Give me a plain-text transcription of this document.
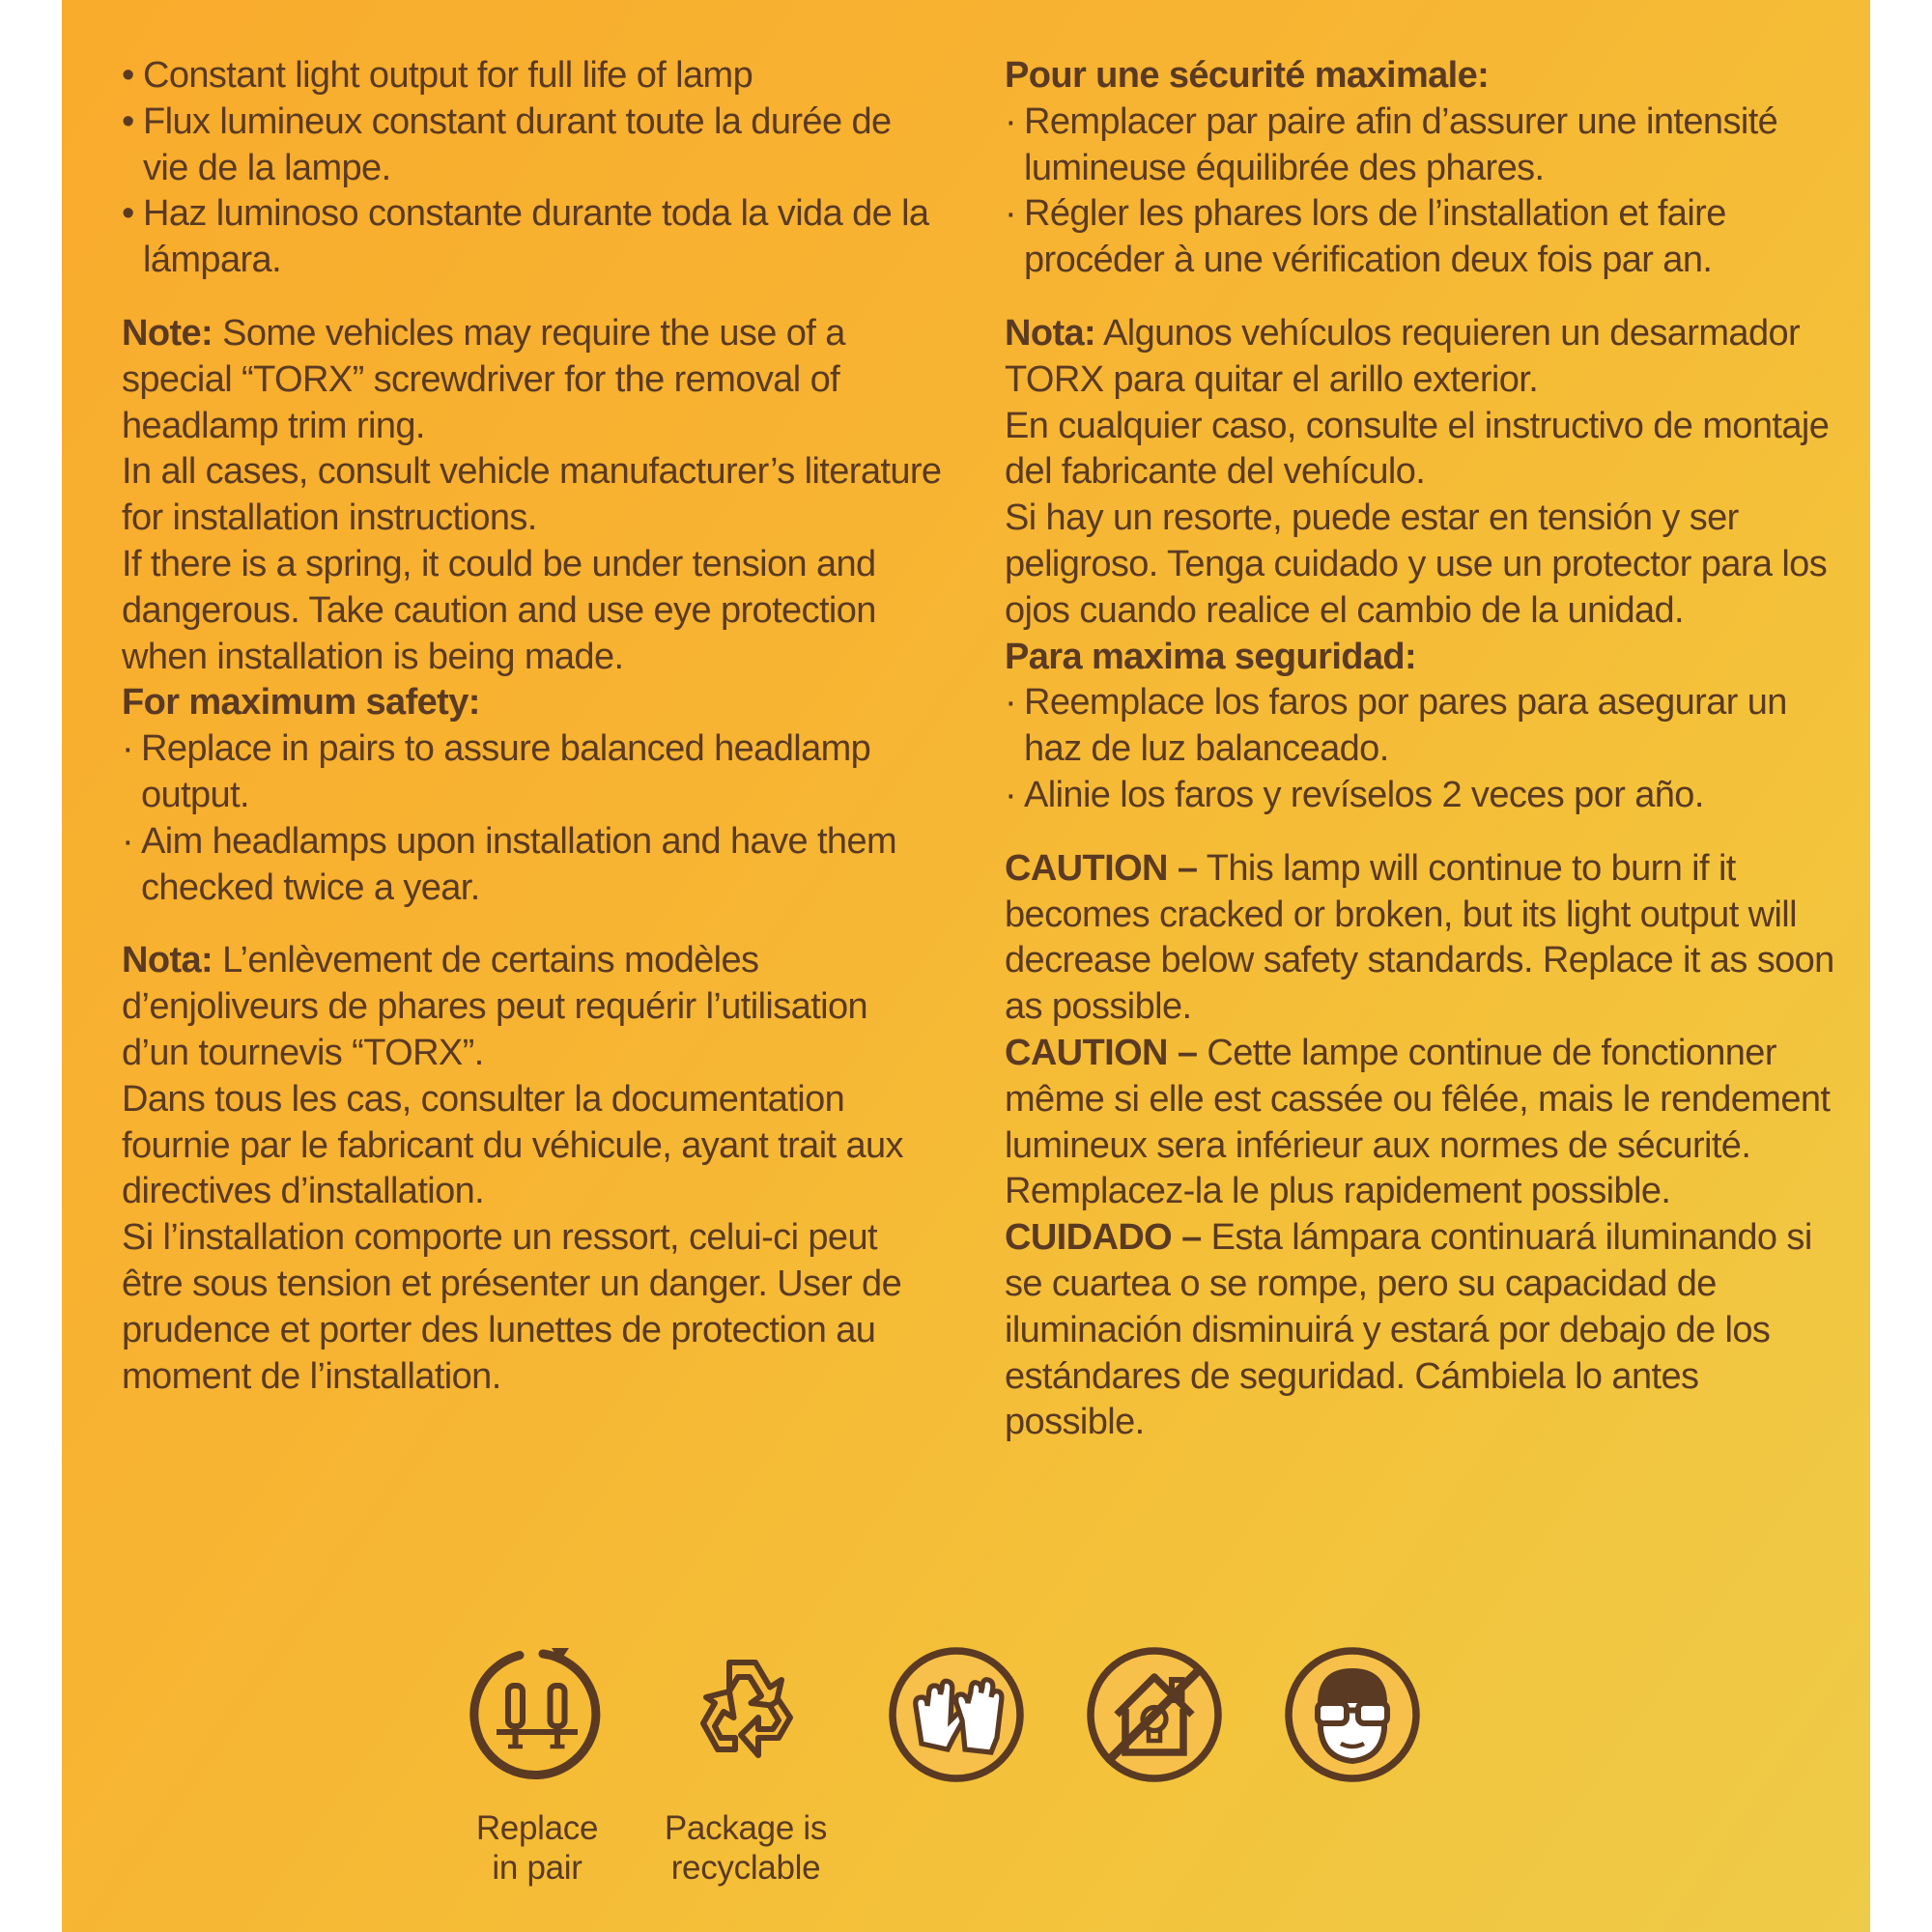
• Constant light output for full life of lamp
• Flux lumineux constant durant toute la durée de vie de la lampe.
• Haz luminoso constante durante toda la vida de la lámpara.

Note: Some vehicles may require the use of a special “TORX” screwdriver for the removal of headlamp trim ring.

In all cases, consult vehicle manufacturer’s literature for installation instructions.

If there is a spring, it could be under tension and dangerous. Take caution and use eye protection when installation is being made.

For maximum safety:

· Replace in pairs to assure balanced headlamp output.
· Aim headlamps upon installation and have them checked twice a year.

Nota: L’enlèvement de certains modèles d’enjoliveurs de phares peut requérir l’utilisation d’un tournevis “TORX”.

Dans tous les cas, consulter la documentation fournie par le fabricant du véhicule, ayant trait aux directives d’installation.

Si l’installation comporte un ressort, celui-ci peut être sous tension et présenter un danger. User de prudence et porter des lunettes de protection au moment de l’installation.

Pour une sécurité maximale:

· Remplacer par paire afin d’assurer une intensité lumineuse équilibrée des phares.
· Régler les phares lors de l’installation et faire procéder à une vérification deux fois par an.

Nota: Algunos vehículos requieren un desarmador TORX para quitar el arillo exterior.

En cualquier caso, consulte el instructivo de montaje del fabricante del vehículo.

Si hay un resorte, puede estar en tensión y ser peligroso. Tenga cuidado y use un protector para los ojos cuando realice el cambio de la unidad.

Para maxima seguridad:

· Reemplace los faros por pares para asegurar un haz de luz balanceado.
· Alinie los faros y revíselos 2 veces por año.

CAUTION – This lamp will continue to burn if it becomes cracked or broken, but its light output will decrease below safety standards. Replace it as soon as possible.

CAUTION – Cette lampe continue de fonctionner même si elle est cassée ou fêlée, mais le rendement lumineux sera inférieur aux normes de sécurité. Remplacez-la le plus rapidement possible.

CUIDADO – Esta lámpara continuará iluminando si se cuartea o se rompe, pero su capacidad de iluminación disminuirá y estará por debajo de los estándares de seguridad. Cámbiela lo antes possible.

Replace
in pair
Package is
recyclable
